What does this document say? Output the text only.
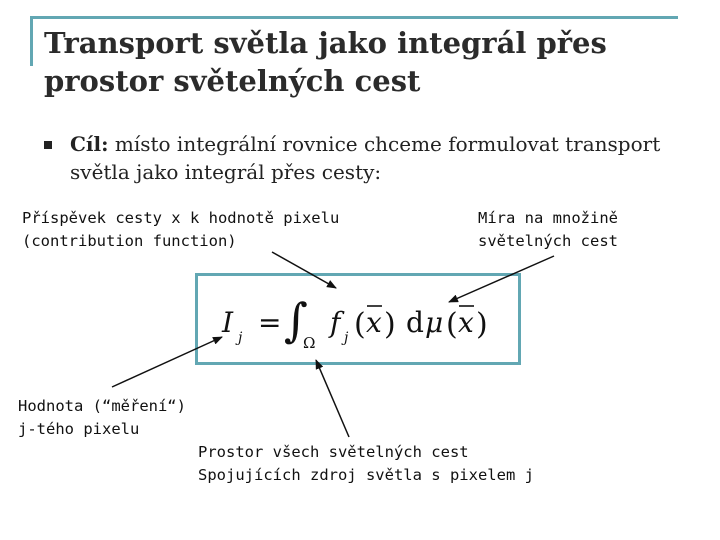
Transport světla jako integrál přes
prostor světelných cest
Cíl: místo integrální rovnice chceme formulovat transport světla jako integrál přes cesty:
Příspěvek cesty x k hodnotě pixelu
(contribution function)
Míra na množině
světelných cest
Hodnota (“měření“)
j-tého pixelu
Prostor všech světelných cest
Spojujících zdroj světla s pixelem j
I j = ∫
Ω
f j ( x ) d μ ( x )
